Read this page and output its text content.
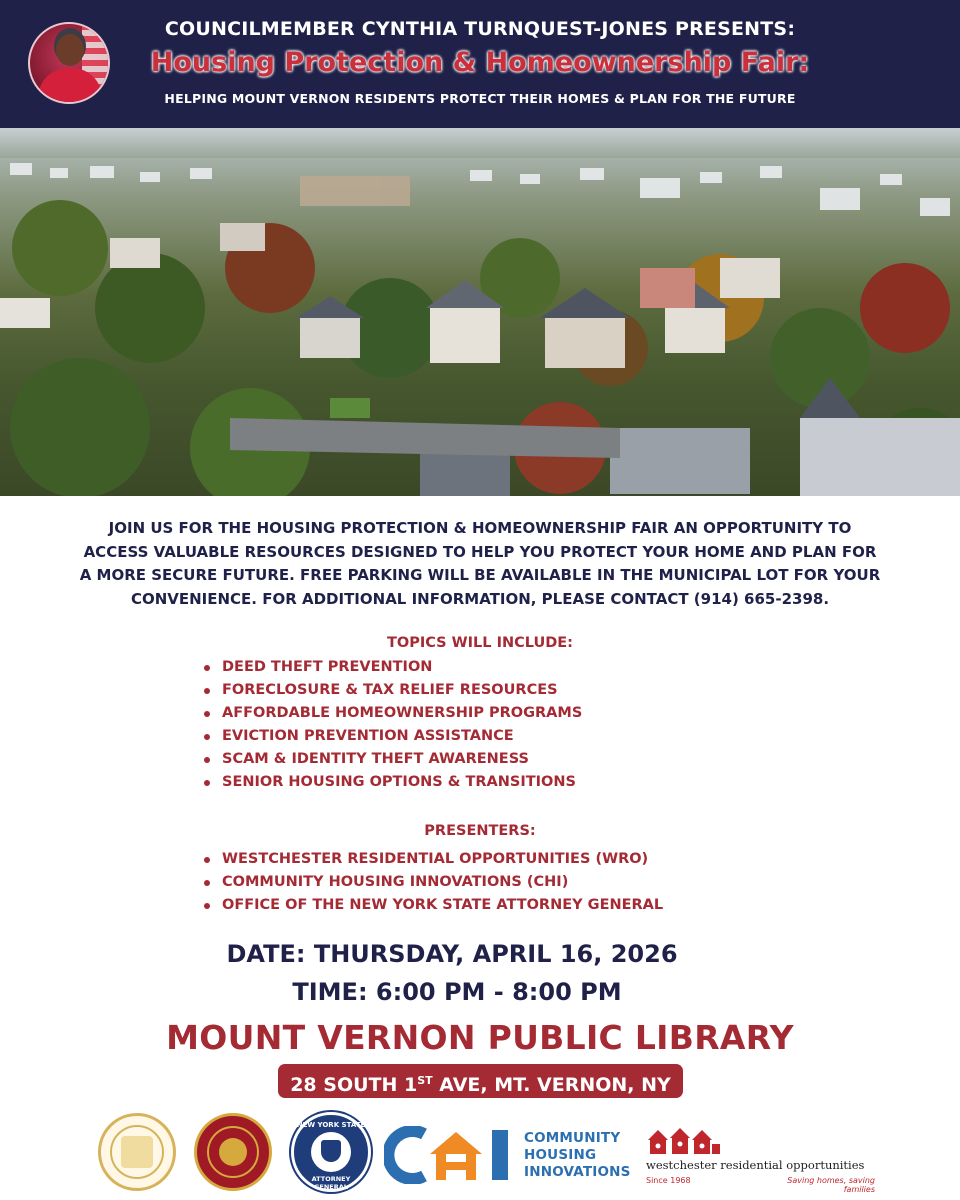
COUNCILMEMBER CYNTHIA TURNQUEST-JONES PRESENTS:
Housing Protection & Homeownership Fair:
HELPING MOUNT VERNON RESIDENTS PROTECT THEIR HOMES & PLAN FOR THE FUTURE
JOIN US FOR THE HOUSING PROTECTION & HOMEOWNERSHIP FAIR AN OPPORTUNITY TO
ACCESS VALUABLE RESOURCES DESIGNED TO HELP YOU PROTECT YOUR HOME AND PLAN FOR
A MORE SECURE FUTURE. FREE PARKING WILL BE AVAILABLE IN THE MUNICIPAL LOT FOR YOUR
CONVENIENCE. FOR ADDITIONAL INFORMATION, PLEASE CONTACT (914) 665-2398.
TOPICS WILL INCLUDE:
DEED THEFT PREVENTION
FORECLOSURE & TAX RELIEF RESOURCES
AFFORDABLE HOMEOWNERSHIP PROGRAMS
EVICTION PREVENTION ASSISTANCE
SCAM & IDENTITY THEFT AWARENESS
SENIOR HOUSING OPTIONS & TRANSITIONS
PRESENTERS:
WESTCHESTER RESIDENTIAL OPPORTUNITIES (WRO)
COMMUNITY HOUSING INNOVATIONS (CHI)
OFFICE OF THE NEW YORK STATE ATTORNEY GENERAL
DATE: THURSDAY, APRIL 16, 2026
TIME: 6:00 PM - 8:00 PM
MOUNT VERNON PUBLIC LIBRARY
28 SOUTH 1ST AVE, MT. VERNON, NY
NEW YORK STATE
ATTORNEY GENERAL
COMMUNITY
HOUSING
INNOVATIONS	westchester residential opportunities
Since 1968	Saving homes, saving families
